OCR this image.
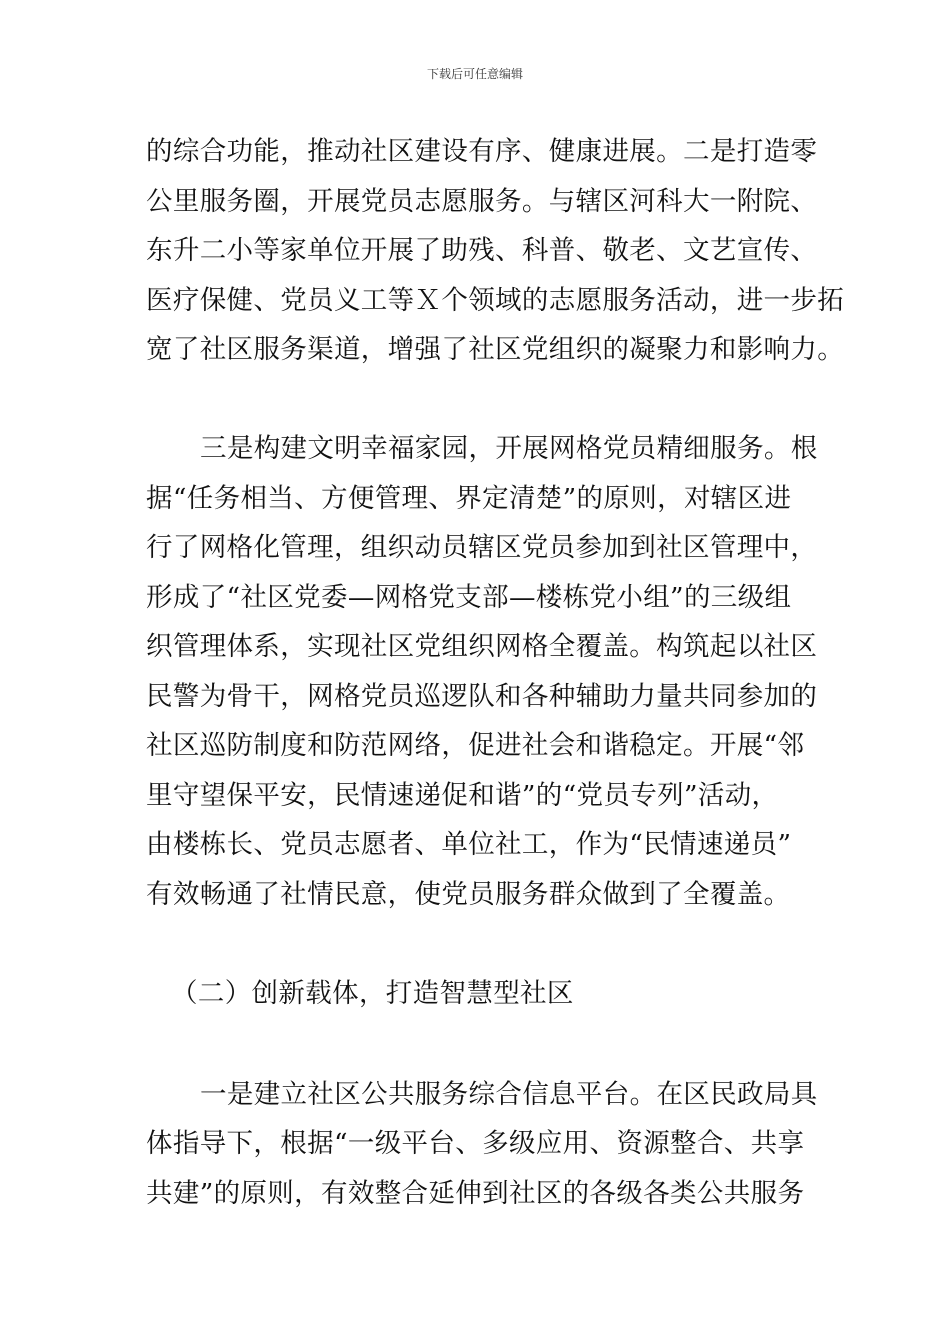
下载后可任意编辑

的综合功能，推动社区建设有序、健康进展。二是打造零
公里服务圈，开展党员志愿服务。与辖区河科大一附院、
东升二小等家单位开展了助残、科普、敬老、文艺宣传、
医疗保健、党员义工等Ｘ个领域的志愿服务活动，进一步拓
宽了社区服务渠道，增强了社区党组织的凝聚力和影响力。

三是构建文明幸福家园，开展网格党员精细服务。根
据“任务相当、方便管理、界定清楚”的原则，对辖区进
行了网格化管理，组织动员辖区党员参加到社区管理中，
形成了“社区党委—网格党支部—楼栋党小组”的三级组
织管理体系，实现社区党组织网格全覆盖。构筑起以社区
民警为骨干，网格党员巡逻队和各种辅助力量共同参加的
社区巡防制度和防范网络，促进社会和谐稳定。开展“邻
里守望保平安，民情速递促和谐”的“党员专列”活动，
由楼栋长、党员志愿者、单位社工，作为“民情速递员”
有效畅通了社情民意，使党员服务群众做到了全覆盖。

（二）创新载体，打造智慧型社区

一是建立社区公共服务综合信息平台。在区民政局具
体指导下，根据“一级平台、多级应用、资源整合、共享
共建”的原则，有效整合延伸到社区的各级各类公共服务
